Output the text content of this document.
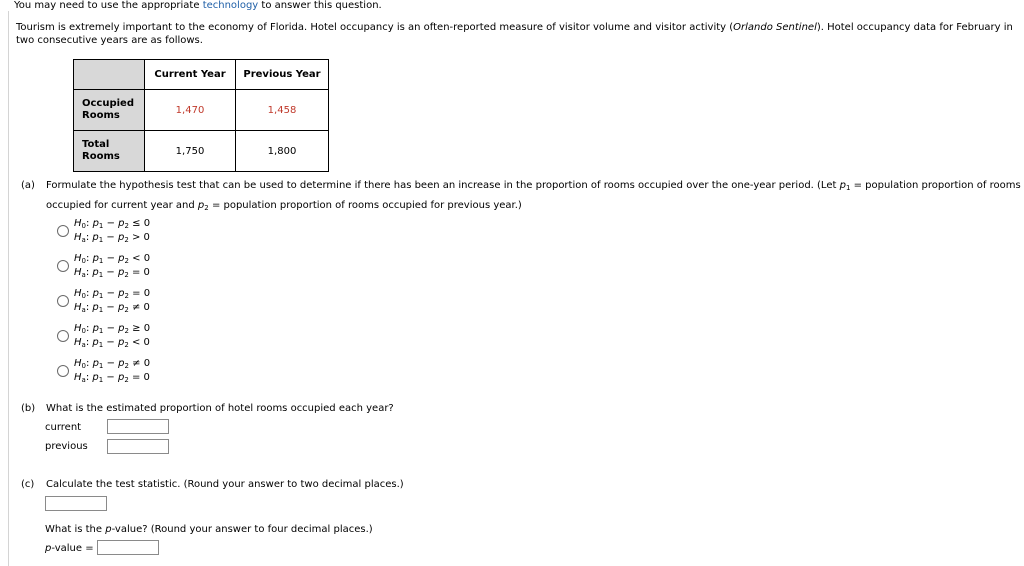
You may need to use the appropriate technology to answer this question.
Tourism is extremely important to the economy of Florida. Hotel occupancy is an often-reported measure of visitor volume and visitor activity (Orlando Sentinel). Hotel occupancy data for February in two consecutive years are as follows.
	Current Year	Previous Year
Occupied
Rooms	1,470	1,458
Total
Rooms	1,750	1,800
(a) Formulate the hypothesis test that can be used to determine if there has been an increase in the proportion of rooms occupied over the one-year period. (Let $p_1$ = population proportion of rooms
occupied for current year and $p_2$ = population proportion of rooms occupied for previous year.)
$H_0$: $p_1 - p_2 \le 0$
$H_a$: $p_1 - p_2 > 0$
$H_0$: $p_1 - p_2 < 0$
$H_a$: $p_1 - p_2 = 0$
$H_0$: $p_1 - p_2 = 0$
$H_a$: $p_1 - p_2 \ne 0$
$H_0$: $p_1 - p_2 \ge 0$
$H_a$: $p_1 - p_2 < 0$
$H_0$: $p_1 - p_2 \ne 0$
$H_a$: $p_1 - p_2 = 0$
(b) What is the estimated proportion of hotel rooms occupied each year?
current
previous
(c) Calculate the test statistic. (Round your answer to two decimal places.)
What is the p-value? (Round your answer to four decimal places.)
p-value =
